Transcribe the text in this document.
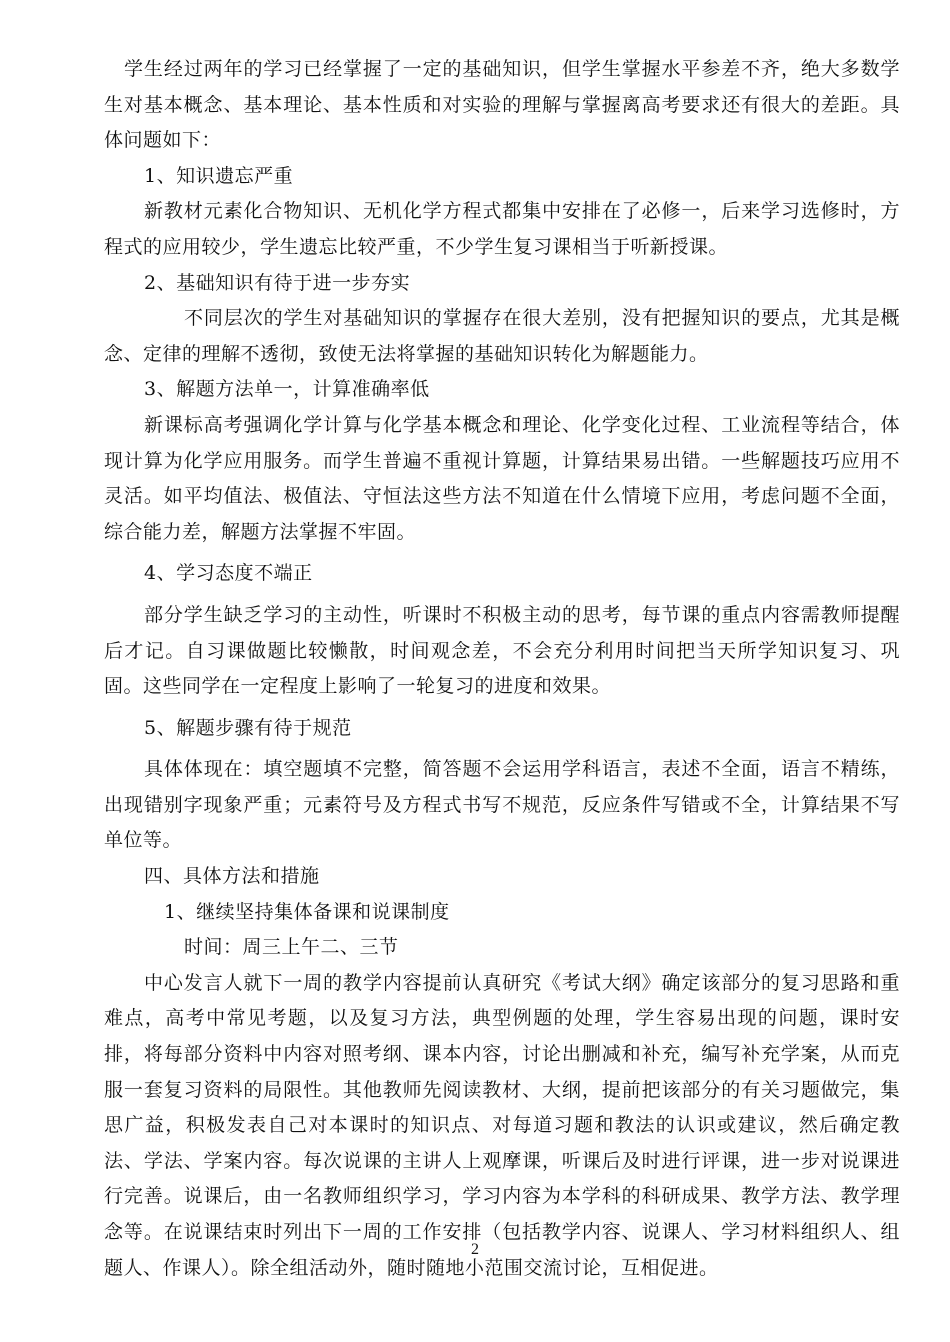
学生经过两年的学习已经掌握了一定的基础知识，但学生掌握水平参差不齐，绝大多数学生对基本概念、基本理论、基本性质和对实验的理解与掌握离高考要求还有很大的差距。具体问题如下：

1、知识遗忘严重

新教材元素化合物知识、无机化学方程式都集中安排在了必修一，后来学习选修时，方程式的应用较少，学生遗忘比较严重，不少学生复习课相当于听新授课。

2、基础知识有待于进一步夯实

不同层次的学生对基础知识的掌握存在很大差别，没有把握知识的要点，尤其是概念、定律的理解不透彻，致使无法将掌握的基础知识转化为解题能力。

3、解题方法单一，计算准确率低

新课标高考强调化学计算与化学基本概念和理论、化学变化过程、工业流程等结合，体现计算为化学应用服务。而学生普遍不重视计算题，计算结果易出错。一些解题技巧应用不灵活。如平均值法、极值法、守恒法这些方法不知道在什么情境下应用，考虑问题不全面，综合能力差，解题方法掌握不牢固。

4、学习态度不端正

部分学生缺乏学习的主动性，听课时不积极主动的思考，每节课的重点内容需教师提醒后才记。自习课做题比较懒散，时间观念差，不会充分利用时间把当天所学知识复习、巩固。这些同学在一定程度上影响了一轮复习的进度和效果。

5、解题步骤有待于规范

具体体现在：填空题填不完整，简答题不会运用学科语言，表述不全面，语言不精练，出现错别字现象严重；元素符号及方程式书写不规范，反应条件写错或不全，计算结果不写单位等。

四、具体方法和措施

1、继续坚持集体备课和说课制度

时间：周三上午二、三节

中心发言人就下一周的教学内容提前认真研究《考试大纲》确定该部分的复习思路和重难点，高考中常见考题，以及复习方法，典型例题的处理，学生容易出现的问题，课时安排，将每部分资料中内容对照考纲、课本内容，讨论出删减和补充，编写补充学案，从而克服一套复习资料的局限性。其他教师先阅读教材、大纲，提前把该部分的有关习题做完，集思广益，积极发表自己对本课时的知识点、对每道习题和教法的认识或建议，然后确定教法、学法、学案内容。每次说课的主讲人上观摩课，听课后及时进行评课，进一步对说课进行完善。说课后，由一名教师组织学习，学习内容为本学科的科研成果、教学方法、教学理念等。在说课结束时列出下一周的工作安排（包括教学内容、说课人、学习材料组织人、组题人、作课人）。除全组活动外，随时随地小范围交流讨论，互相促进。

2
